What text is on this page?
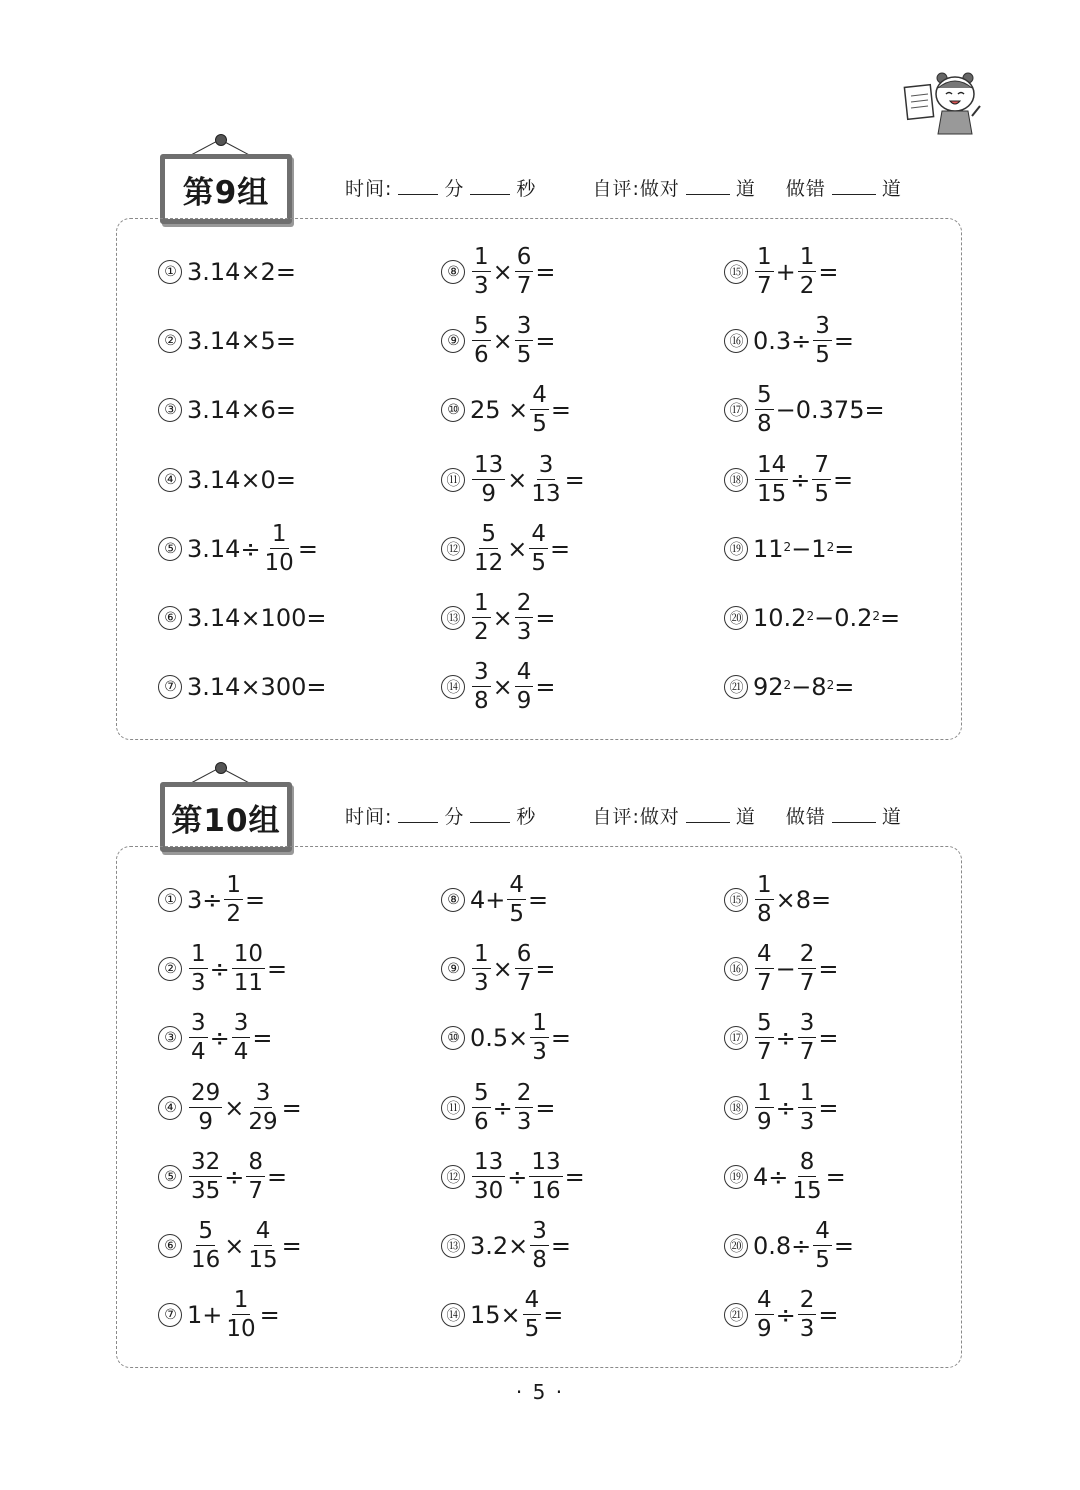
第9组	时间:	分	秒	自评:做对	道 做错	道
① 3.14×2=	⑧ $\frac{1}{3} \times \frac{6}{7}$ =	⑮ $\frac{1}{7} + \frac{1}{2}$ =
② 3.14×5=	⑨ $\frac{5}{6} \times \frac{3}{5}$ =	⑯ $0.3\div \frac{3}{5}$ =
③ 3.14×6=	⑩ $25 \times \frac{4}{5}$ =	⑰ $\frac{5}{8} -0.375=$
④ 3.14×0=	⑪ $\frac{13}{9} \times \frac{3}{13}$ =	⑱ $\frac{14}{15} \div \frac{7}{5}$ =
⑤ $3.14\div \frac{1}{10}$ =	⑫ $\frac{5}{12} \times \frac{4}{5}$ =	⑲ $11^2 -1^2$ =
⑥ 3.14×100=	⑬ $\frac{1}{2} \times \frac{2}{3}$ =	⑳ $10.2^2 -0.2^2$ =
⑦ 3.14×300=	⑭ $\frac{3}{8} \times \frac{4}{9}$ =	㉑ $92^2 -8^2$ =
第10组	时间:	分	秒	自评:做对	道 做错	道
① $3\div \frac{1}{2}$ =	⑧ $4+ \frac{4}{5}$ =	⑮ $\frac{1}{8} \times 8=$
② $\frac{1}{3} \div \frac{10}{11}$ =	⑨ $\frac{1}{3} \times \frac{6}{7}$ =	⑯ $\frac{4}{7} - \frac{2}{7}$ =
③ $\frac{3}{4} \div \frac{3}{4}$ =	⑩ $0.5\times \frac{1}{3}$ =	⑰ $\frac{5}{7} \div \frac{3}{7}$ =
④ $\frac{29}{9} \times \frac{3}{29}$ =	⑪ $\frac{5}{6} \div \frac{2}{3}$ =	⑱ $\frac{1}{9} \div \frac{1}{3}$ =
⑤ $\frac{32}{35} \div \frac{8}{7}$ =	⑫ $\frac{13}{30} \div \frac{13}{16}$ =	⑲ $4\div \frac{8}{15}$ =
⑥ $\frac{5}{16} \times \frac{4}{15}$ =	⑬ $3.2\times \frac{3}{8}$ =	⑳ $0.8\div \frac{4}{5}$ =
⑦ $1+ \frac{1}{10}$ =	⑭ $15\times \frac{4}{5}$ =	㉑ $\frac{4}{9} \div \frac{2}{3}$ =
· 5 ·
